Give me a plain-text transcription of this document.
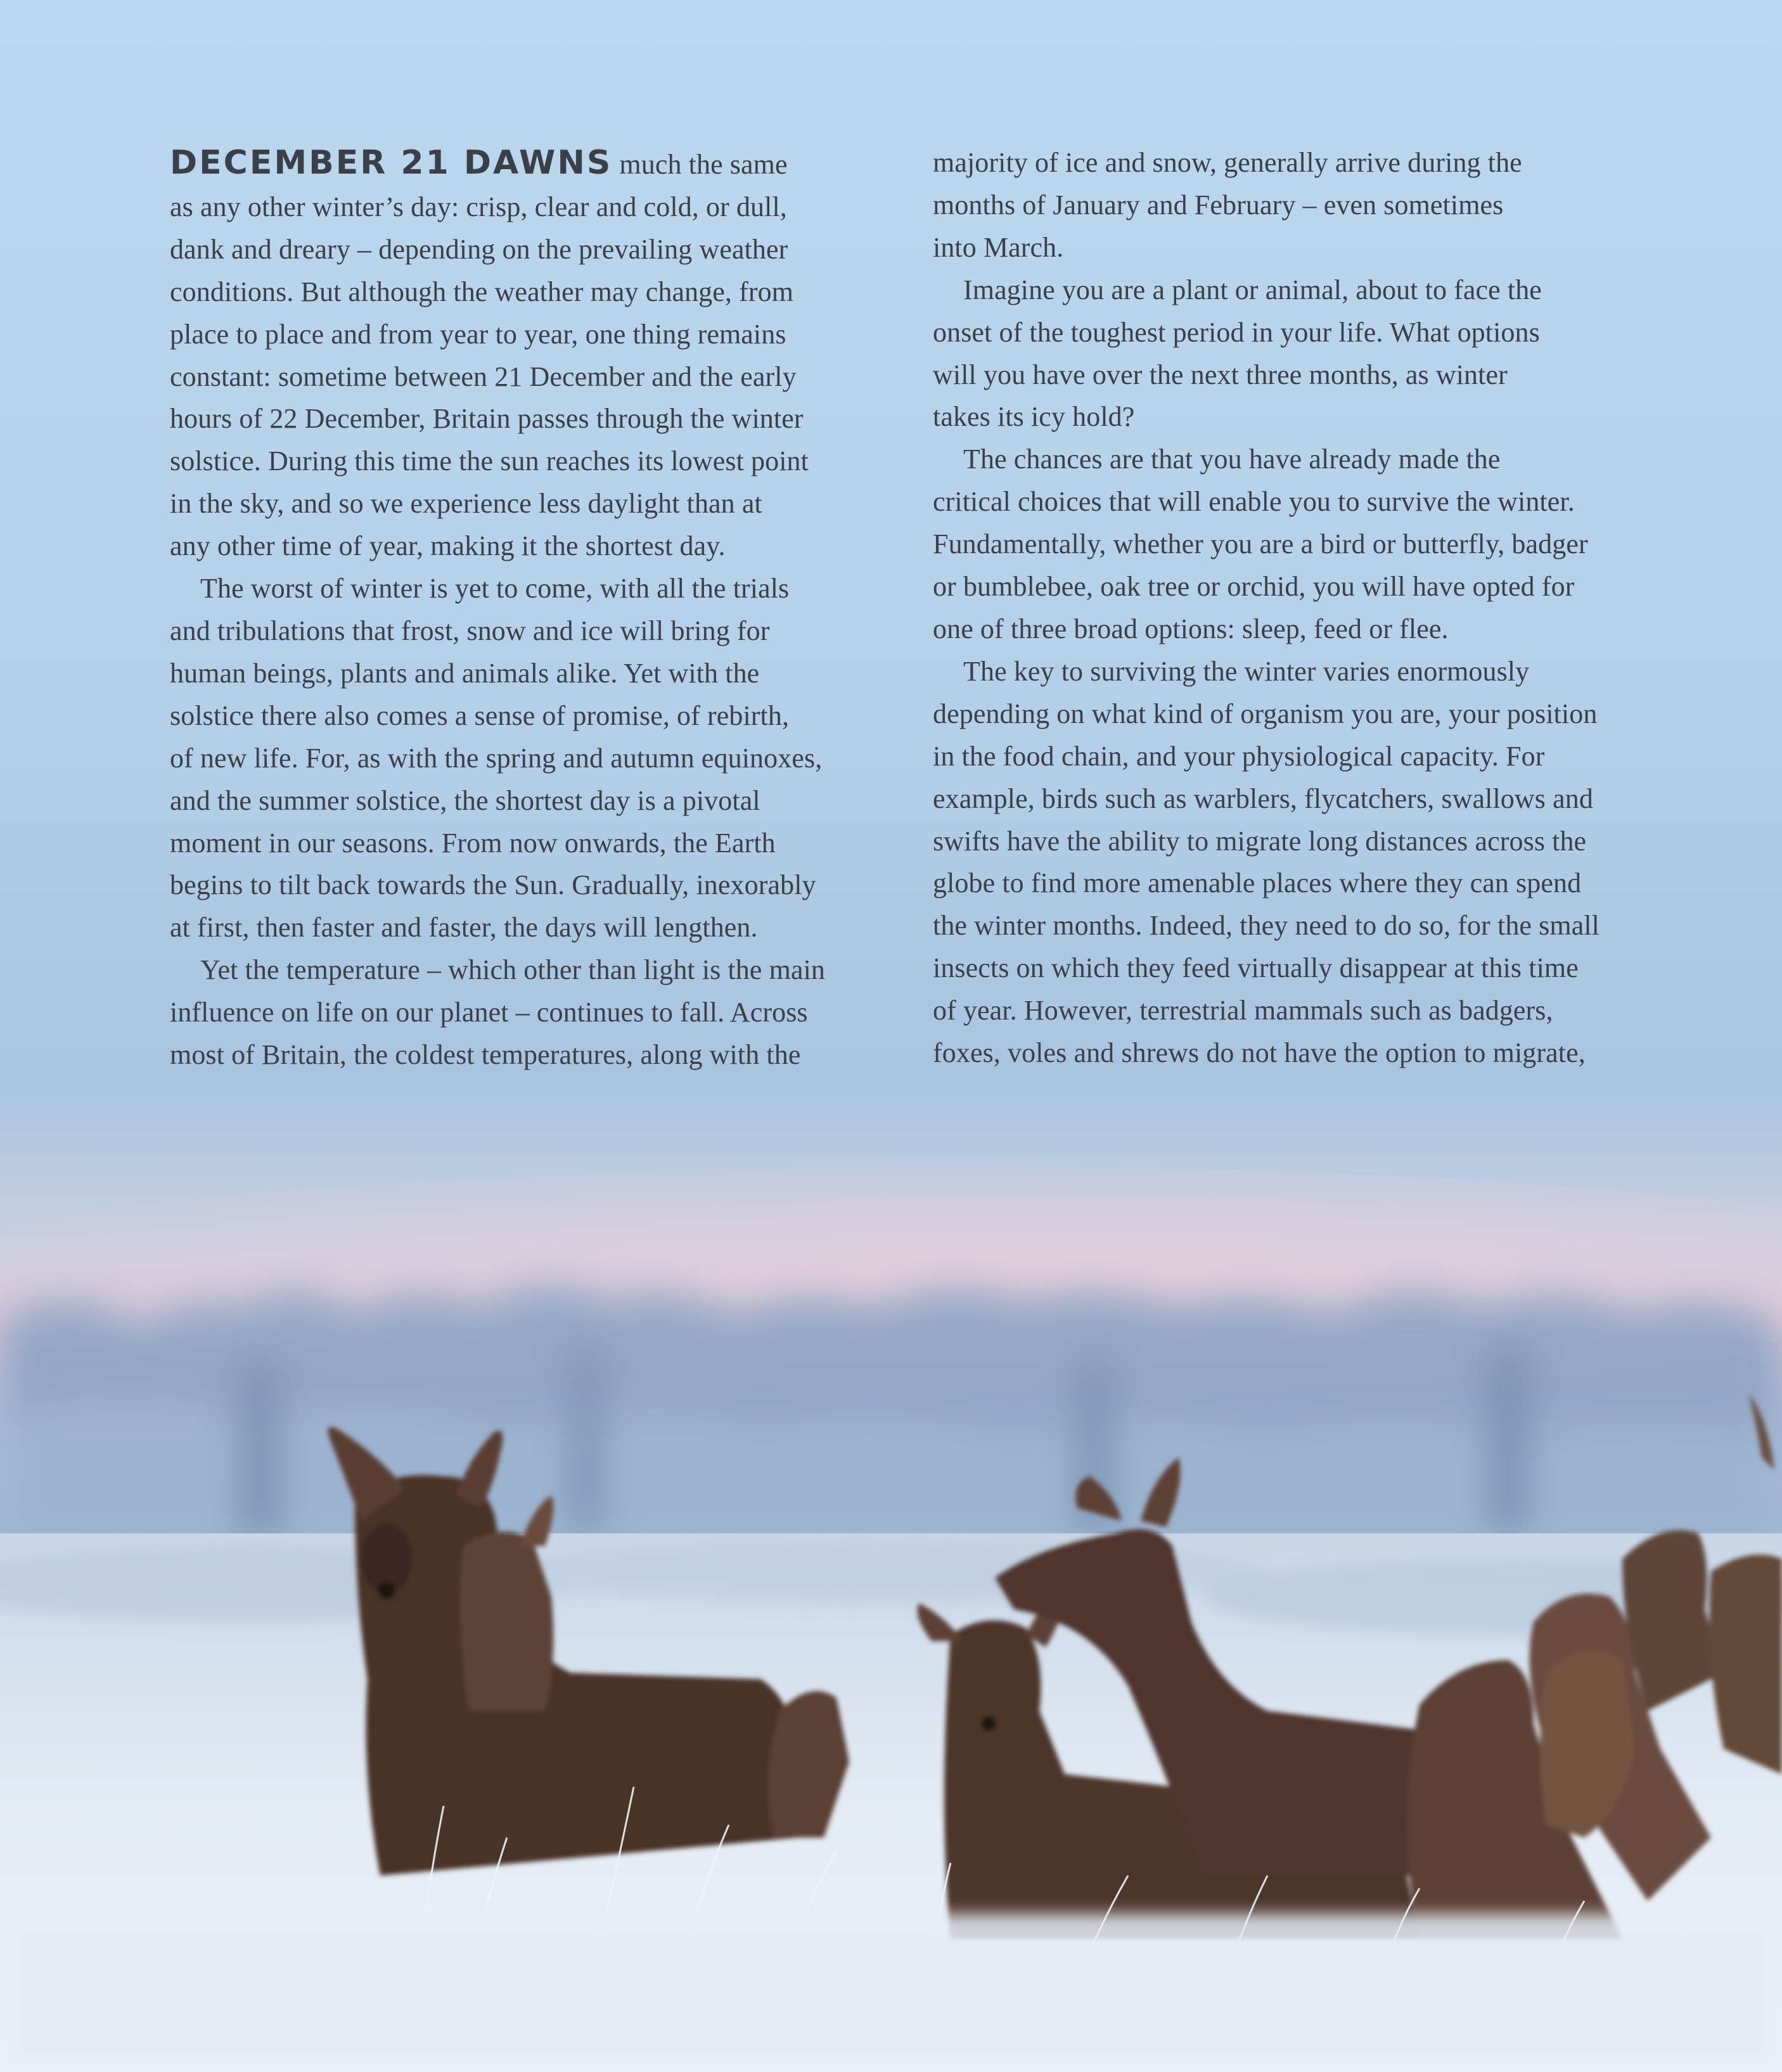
DECEMBER 21 DAWNS much the same
as any other winter’s day: crisp, clear and cold, or dull,
dank and dreary – depending on the prevailing weather
conditions. But although the weather may change, from
place to place and from year to year, one thing remains
constant: sometime between 21 December and the early
hours of 22 December, Britain passes through the winter
solstice. During this time the sun reaches its lowest point
in the sky, and so we experience less daylight than at
any other time of year, making it the shortest day.
The worst of winter is yet to come, with all the trials
and tribulations that frost, snow and ice will bring for
human beings, plants and animals alike. Yet with the
solstice there also comes a sense of promise, of rebirth,
of new life. For, as with the spring and autumn equinoxes,
and the summer solstice, the shortest day is a pivotal
moment in our seasons. From now onwards, the Earth
begins to tilt back towards the Sun. Gradually, inexorably
at first, then faster and faster, the days will lengthen.
Yet the temperature – which other than light is the main
influence on life on our planet – continues to fall. Across
most of Britain, the coldest temperatures, along with the
majority of ice and snow, generally arrive during the
months of January and February – even sometimes
into March.
Imagine you are a plant or animal, about to face the
onset of the toughest period in your life. What options
will you have over the next three months, as winter
takes its icy hold?
The chances are that you have already made the
critical choices that will enable you to survive the winter.
Fundamentally, whether you are a bird or butterfly, badger
or bumblebee, oak tree or orchid, you will have opted for
one of three broad options: sleep, feed or flee.
The key to surviving the winter varies enormously
depending on what kind of organism you are, your position
in the food chain, and your physiological capacity. For
example, birds such as warblers, flycatchers, swallows and
swifts have the ability to migrate long distances across the
globe to find more amenable places where they can spend
the winter months. Indeed, they need to do so, for the small
insects on which they feed virtually disappear at this time
of year. However, terrestrial mammals such as badgers,
foxes, voles and shrews do not have the option to migrate,
